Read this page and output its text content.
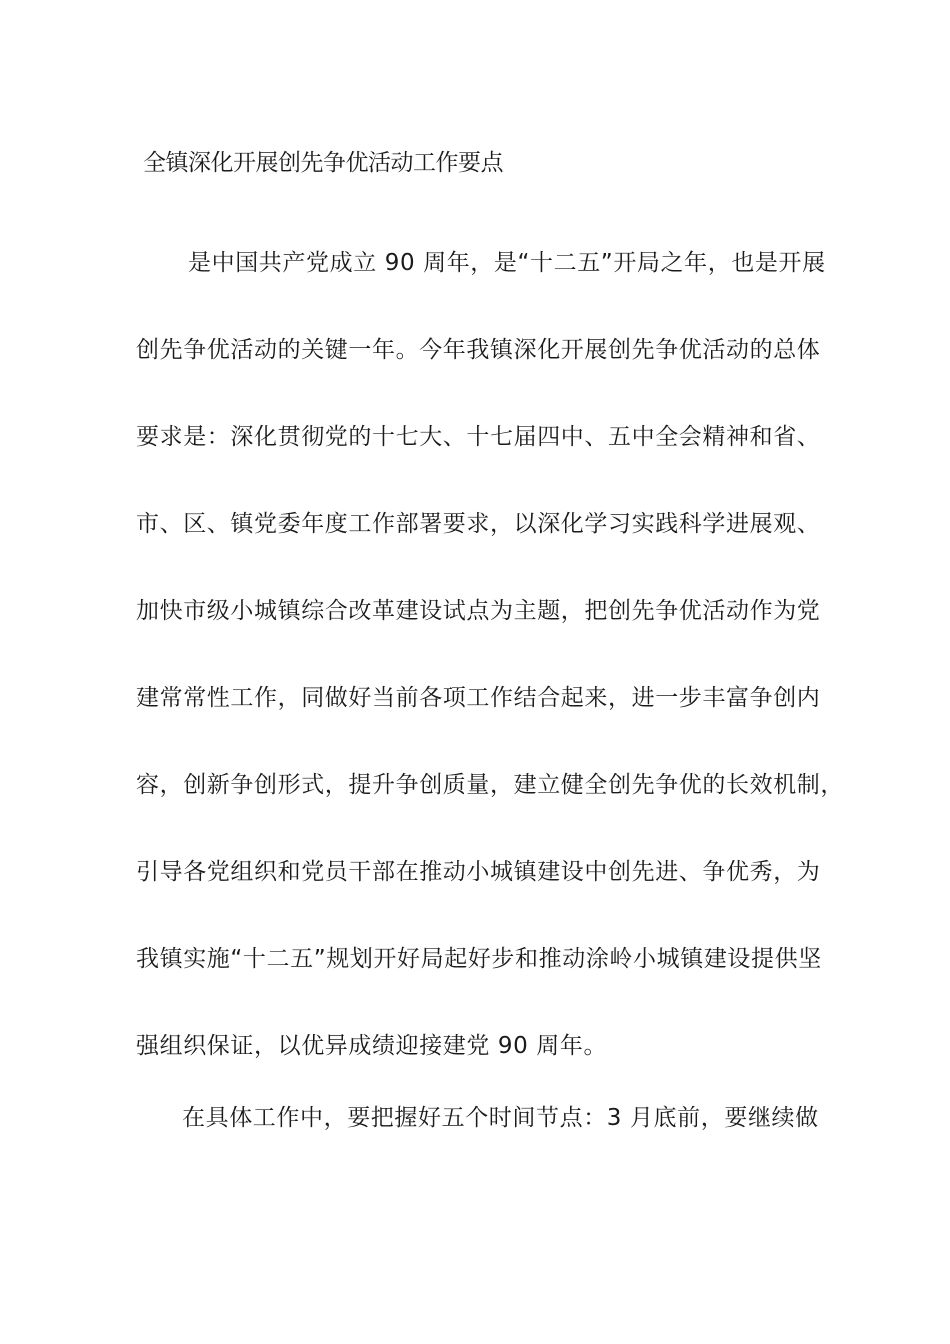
全镇深化开展创先争优活动工作要点
是中国共产党成立 90 周年，是“十二五”开局之年，也是开展
创先争优活动的关键一年。今年我镇深化开展创先争优活动的总体
要求是：深化贯彻党的十七大、十七届四中、五中全会精神和省、
市、区、镇党委年度工作部署要求，以深化学习实践科学进展观、
加快市级小城镇综合改革建设试点为主题，把创先争优活动作为党
建常常性工作，同做好当前各项工作结合起来，进一步丰富争创内
容，创新争创形式，提升争创质量，建立健全创先争优的长效机制，
引导各党组织和党员干部在推动小城镇建设中创先进、争优秀，为
我镇实施“十二五”规划开好局起好步和推动涂岭小城镇建设提供坚
强组织保证，以优异成绩迎接建党 90 周年。
在具体工作中，要把握好五个时间节点：3 月底前，要继续做
